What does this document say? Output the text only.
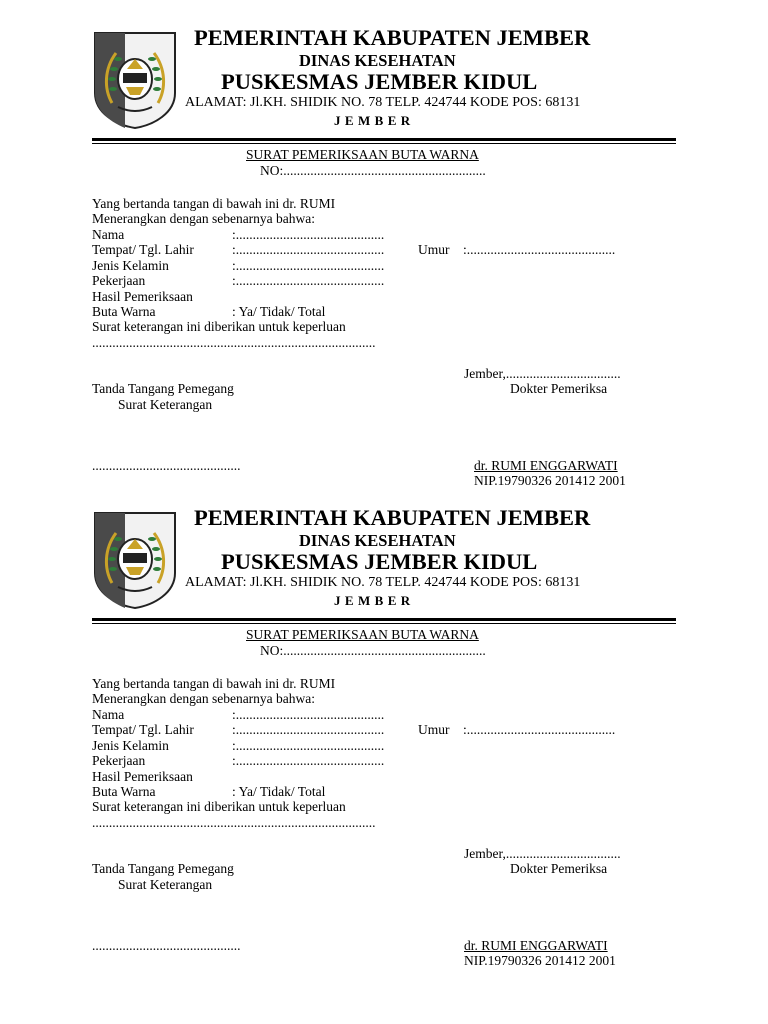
PEMERINTAH KABUPATEN JEMBER
DINAS KESEHATAN
PUSKESMAS JEMBER KIDUL
ALAMAT: Jl.KH. SHIDIK NO. 78 TELP. 424744 KODE POS: 68131
JEMBER
SURAT PEMERIKSAAN BUTA WARNA
NO:............................................................
Yang bertanda tangan di bawah ini dr. RUMI
Menerangkan dengan sebenarnya bahwa:
Nama	:............................................
Tempat/ Tgl. Lahir	:............................................ Umur :............................................
Jenis Kelamin	:............................................
Pekerjaan	:............................................
Hasil Pemeriksaan
Buta Warna	: Ya/ Tidak/ Total
Surat keterangan ini diberikan untuk keperluan
....................................................................................
Jember,..................................
Tanda Tangang Pemegang
Surat Keterangan
Dokter Pemeriksa
............................................	dr. RUMI ENGGARWATI
NIP.19790326 201412 2001
PEMERINTAH KABUPATEN JEMBER
DINAS KESEHATAN
PUSKESMAS JEMBER KIDUL
ALAMAT: Jl.KH. SHIDIK NO. 78 TELP. 424744 KODE POS: 68131
JEMBER
SURAT PEMERIKSAAN BUTA WARNA
NO:............................................................
Yang bertanda tangan di bawah ini dr. RUMI
Menerangkan dengan sebenarnya bahwa:
Nama	:............................................
Tempat/ Tgl. Lahir	:............................................ Umur :............................................
Jenis Kelamin	:............................................
Pekerjaan	:............................................
Hasil Pemeriksaan
Buta Warna	: Ya/ Tidak/ Total
Surat keterangan ini diberikan untuk keperluan
....................................................................................
Jember,..................................
Tanda Tangang Pemegang
Surat Keterangan
Dokter Pemeriksa
............................................	dr. RUMI ENGGARWATI
NIP.19790326 201412 2001
